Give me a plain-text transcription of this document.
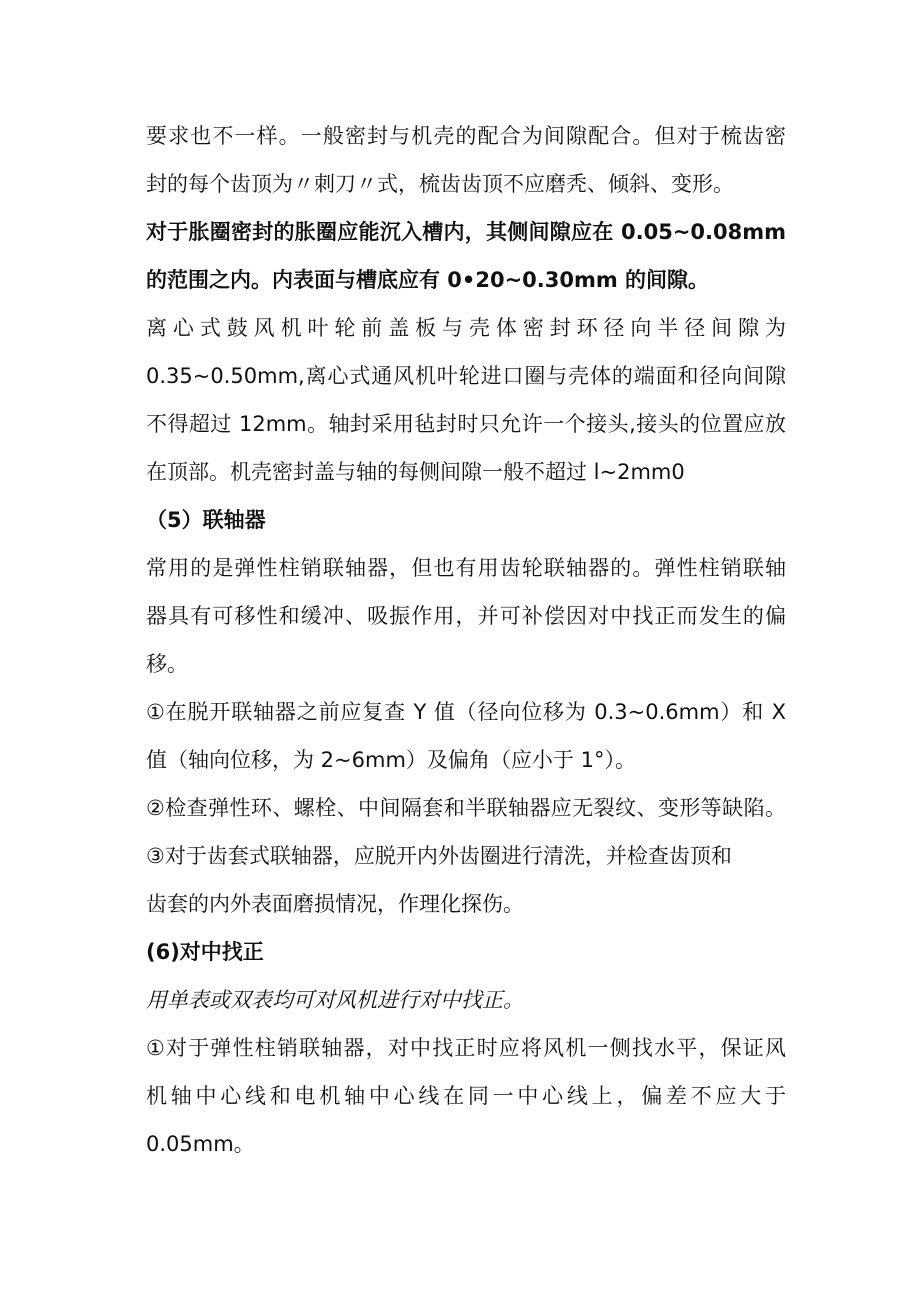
要求也不一样。一般密封与机壳的配合为间隙配合。但对于梳齿密
封的每个齿顶为〃刺刀〃式，梳齿齿顶不应磨秃、倾斜、变形。
对于胀圈密封的胀圈应能沉入槽内，其侧间隙应在 0.05~0.08mm
的范围之内。内表面与槽底应有 0•20~0.30mm 的间隙。
离心式鼓风机叶轮前盖板与壳体密封环径向半径间隙为
0.35~0.50mm,离心式通风机叶轮进口圈与壳体的端面和径向间隙
不得超过 12mm。轴封采用毡封时只允许一个接头,接头的位置应放
在顶部。机壳密封盖与轴的每侧间隙一般不超过 l~2mm0
（5）联轴器
常用的是弹性柱销联轴器，但也有用齿轮联轴器的。弹性柱销联轴
器具有可移性和缓冲、吸振作用，并可补偿因对中找正而发生的偏
移。
①在脱开联轴器之前应复查 Y 值（径向位移为 0.3~0.6mm）和 X
值（轴向位移，为 2~6mm）及偏角（应小于 1°）。
②检查弹性环、螺栓、中间隔套和半联轴器应无裂纹、变形等缺陷。
③对于齿套式联轴器，应脱开内外齿圈进行清洗，并检查齿顶和
齿套的内外表面磨损情况，作理化探伤。
(6)对中找正
用单表或双表均可对风机进行对中找正。
①对于弹性柱销联轴器，对中找正时应将风机一侧找水平，保证风
机轴中心线和电机轴中心线在同一中心线上，偏差不应大于
0.05mm。
